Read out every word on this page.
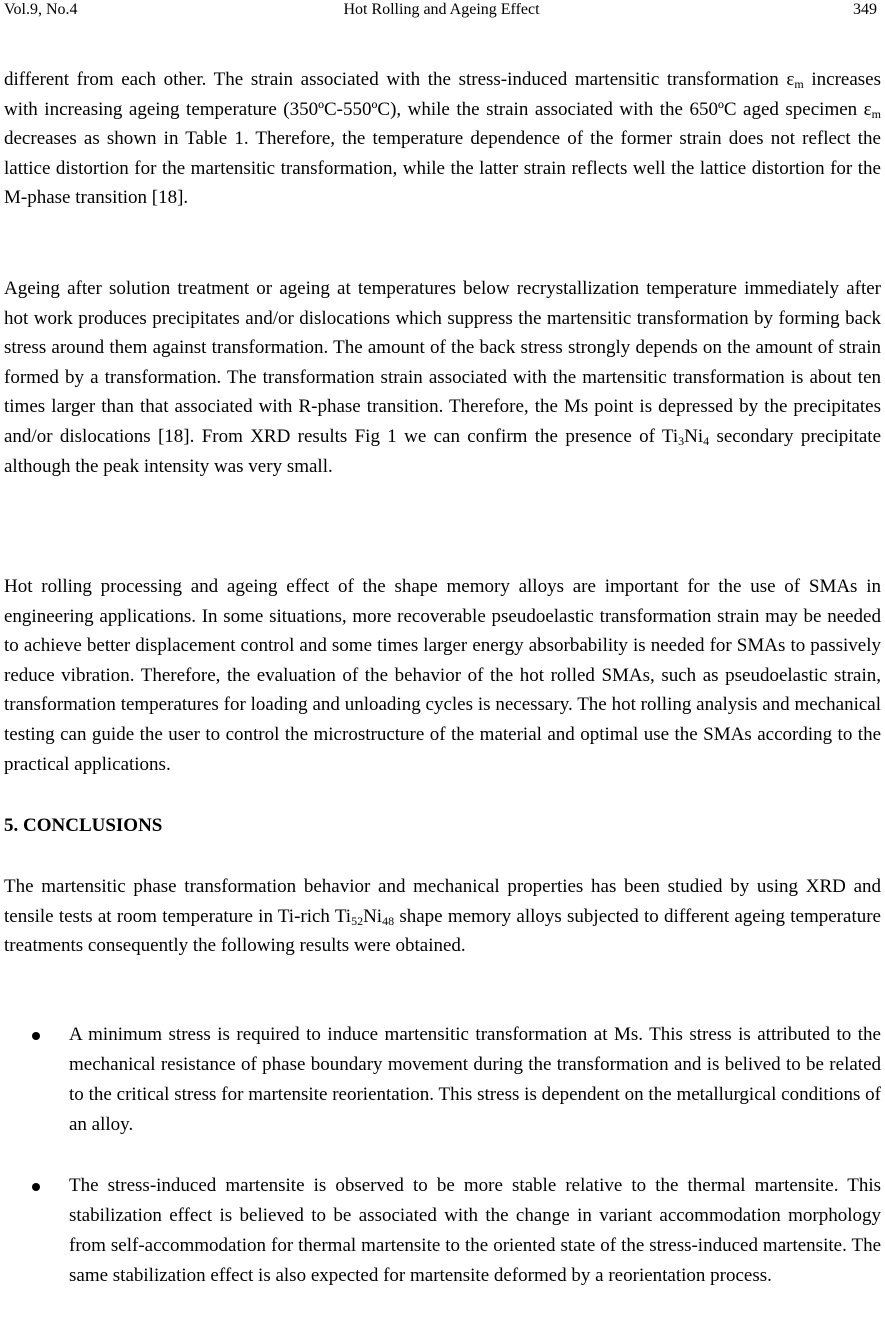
Vol.9, No.4	Hot Rolling and Ageing Effect	349

different from each other. The strain associated with the stress-induced martensitic transformation $\varepsilon_m$ increases with increasing ageing temperature (350ºC-550ºC), while the strain associated with the 650ºC aged specimen $\varepsilon_m$ decreases as shown in Table 1. Therefore, the temperature dependence of the former strain does not reflect the lattice distortion for the martensitic transformation, while the latter strain reflects well the lattice distortion for the M-phase transition [18].

Ageing after solution treatment or ageing at temperatures below recrystallization temperature immediately after hot work produces precipitates and/or dislocations which suppress the martensitic transformation by forming back stress around them against transformation. The amount of the back stress strongly depends on the amount of strain formed by a transformation. The transformation strain associated with the martensitic transformation is about ten times larger than that associated with R-phase transition. Therefore, the Ms point is depressed by the precipitates and/or dislocations [18]. From XRD results Fig 1 we can confirm the presence of $Ti_3Ni_4$ secondary precipitate although the peak intensity was very small.

Hot rolling processing and ageing effect of the shape memory alloys are important for the use of SMAs in engineering applications. In some situations, more recoverable pseudoelastic transformation strain may be needed to achieve better displacement control and some times larger energy absorbability is needed for SMAs to passively reduce vibration. Therefore, the evaluation of the behavior of the hot rolled SMAs, such as pseudoelastic strain, transformation temperatures for loading and unloading cycles is necessary. The hot rolling analysis and mechanical testing can guide the user to control the microstructure of the material and optimal use the SMAs according to the practical applications.

5. CONCLUSIONS

The martensitic phase transformation behavior and mechanical properties has been studied by using XRD and tensile tests at room temperature in Ti-rich $Ti_{52}Ni_{48}$ shape memory alloys subjected to different ageing temperature treatments consequently the following results were obtained.

A minimum stress is required to induce martensitic transformation at Ms. This stress is attributed to the mechanical resistance of phase boundary movement during the transformation and is belived to be related to the critical stress for martensite reorientation. This stress is dependent on the metallurgical conditions of an alloy.
The stress-induced martensite is observed to be more stable relative to the thermal martensite. This stabilization effect is believed to be associated with the change in variant accommodation morphology from self-accommodation for thermal martensite to the oriented state of the stress-induced martensite. The same stabilization effect is also expected for martensite deformed by a reorientation process.
